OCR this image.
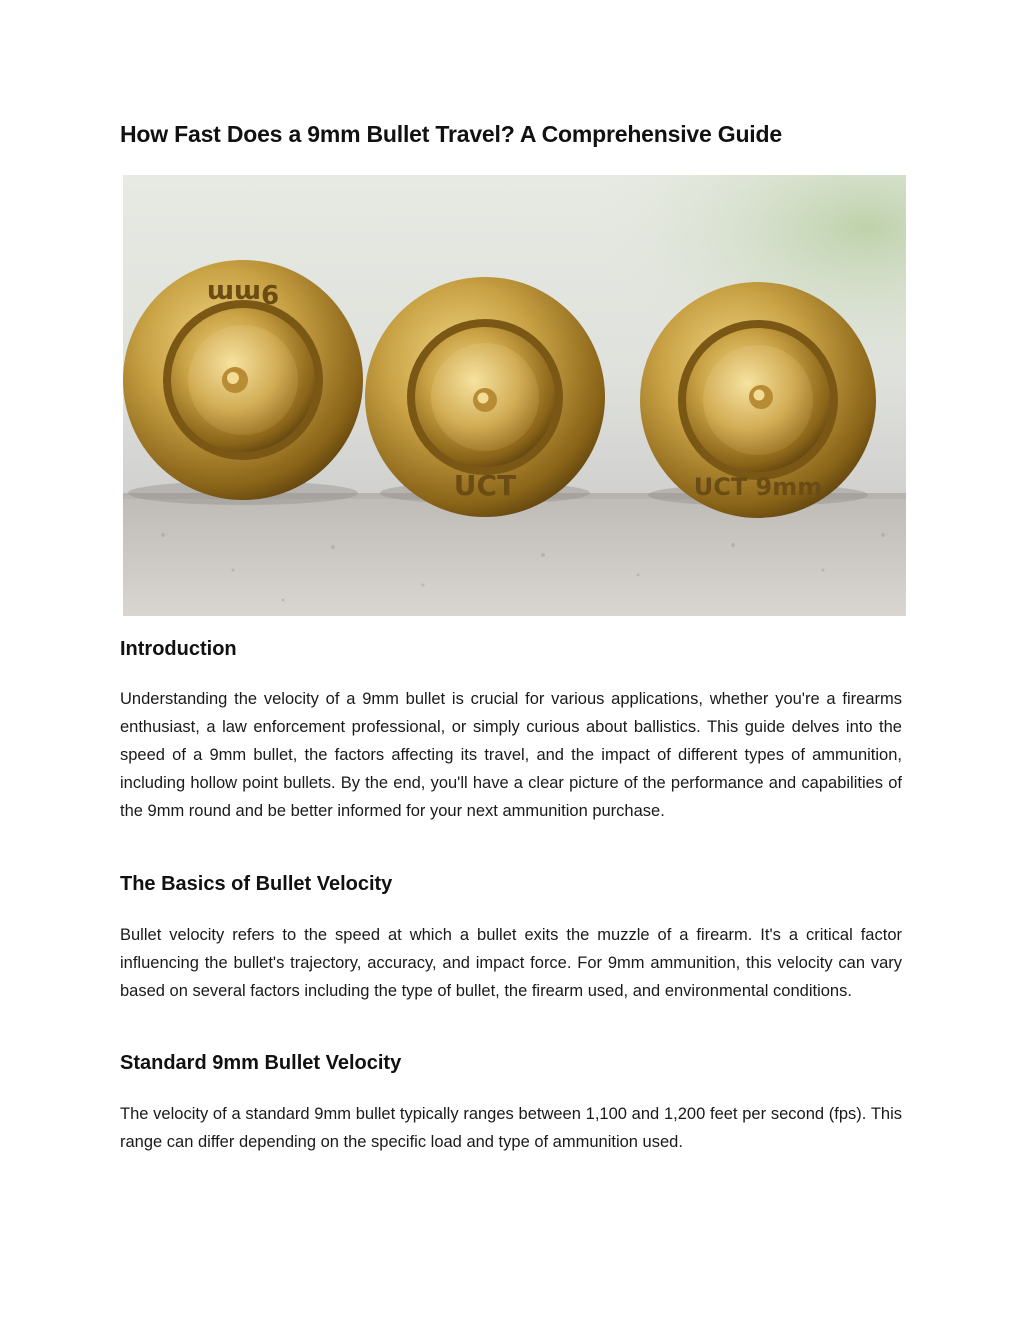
How Fast Does a 9mm Bullet Travel? A Comprehensive Guide
9mm
UCT	UCT 9mm
Introduction

Understanding the velocity of a 9mm bullet is crucial for various applications, whether you're a firearms enthusiast, a law enforcement professional, or simply curious about ballistics. This guide delves into the speed of a 9mm bullet, the factors affecting its travel, and the impact of different types of ammunition, including hollow point bullets. By the end, you'll have a clear picture of the performance and capabilities of the 9mm round and be better informed for your next ammunition purchase.

The Basics of Bullet Velocity

Bullet velocity refers to the speed at which a bullet exits the muzzle of a firearm. It's a critical factor influencing the bullet's trajectory, accuracy, and impact force. For 9mm ammunition, this velocity can vary based on several factors including the type of bullet, the firearm used, and environmental conditions.

Standard 9mm Bullet Velocity

The velocity of a standard 9mm bullet typically ranges between 1,100 and 1,200 feet per second (fps). This range can differ depending on the specific load and type of ammunition used.
